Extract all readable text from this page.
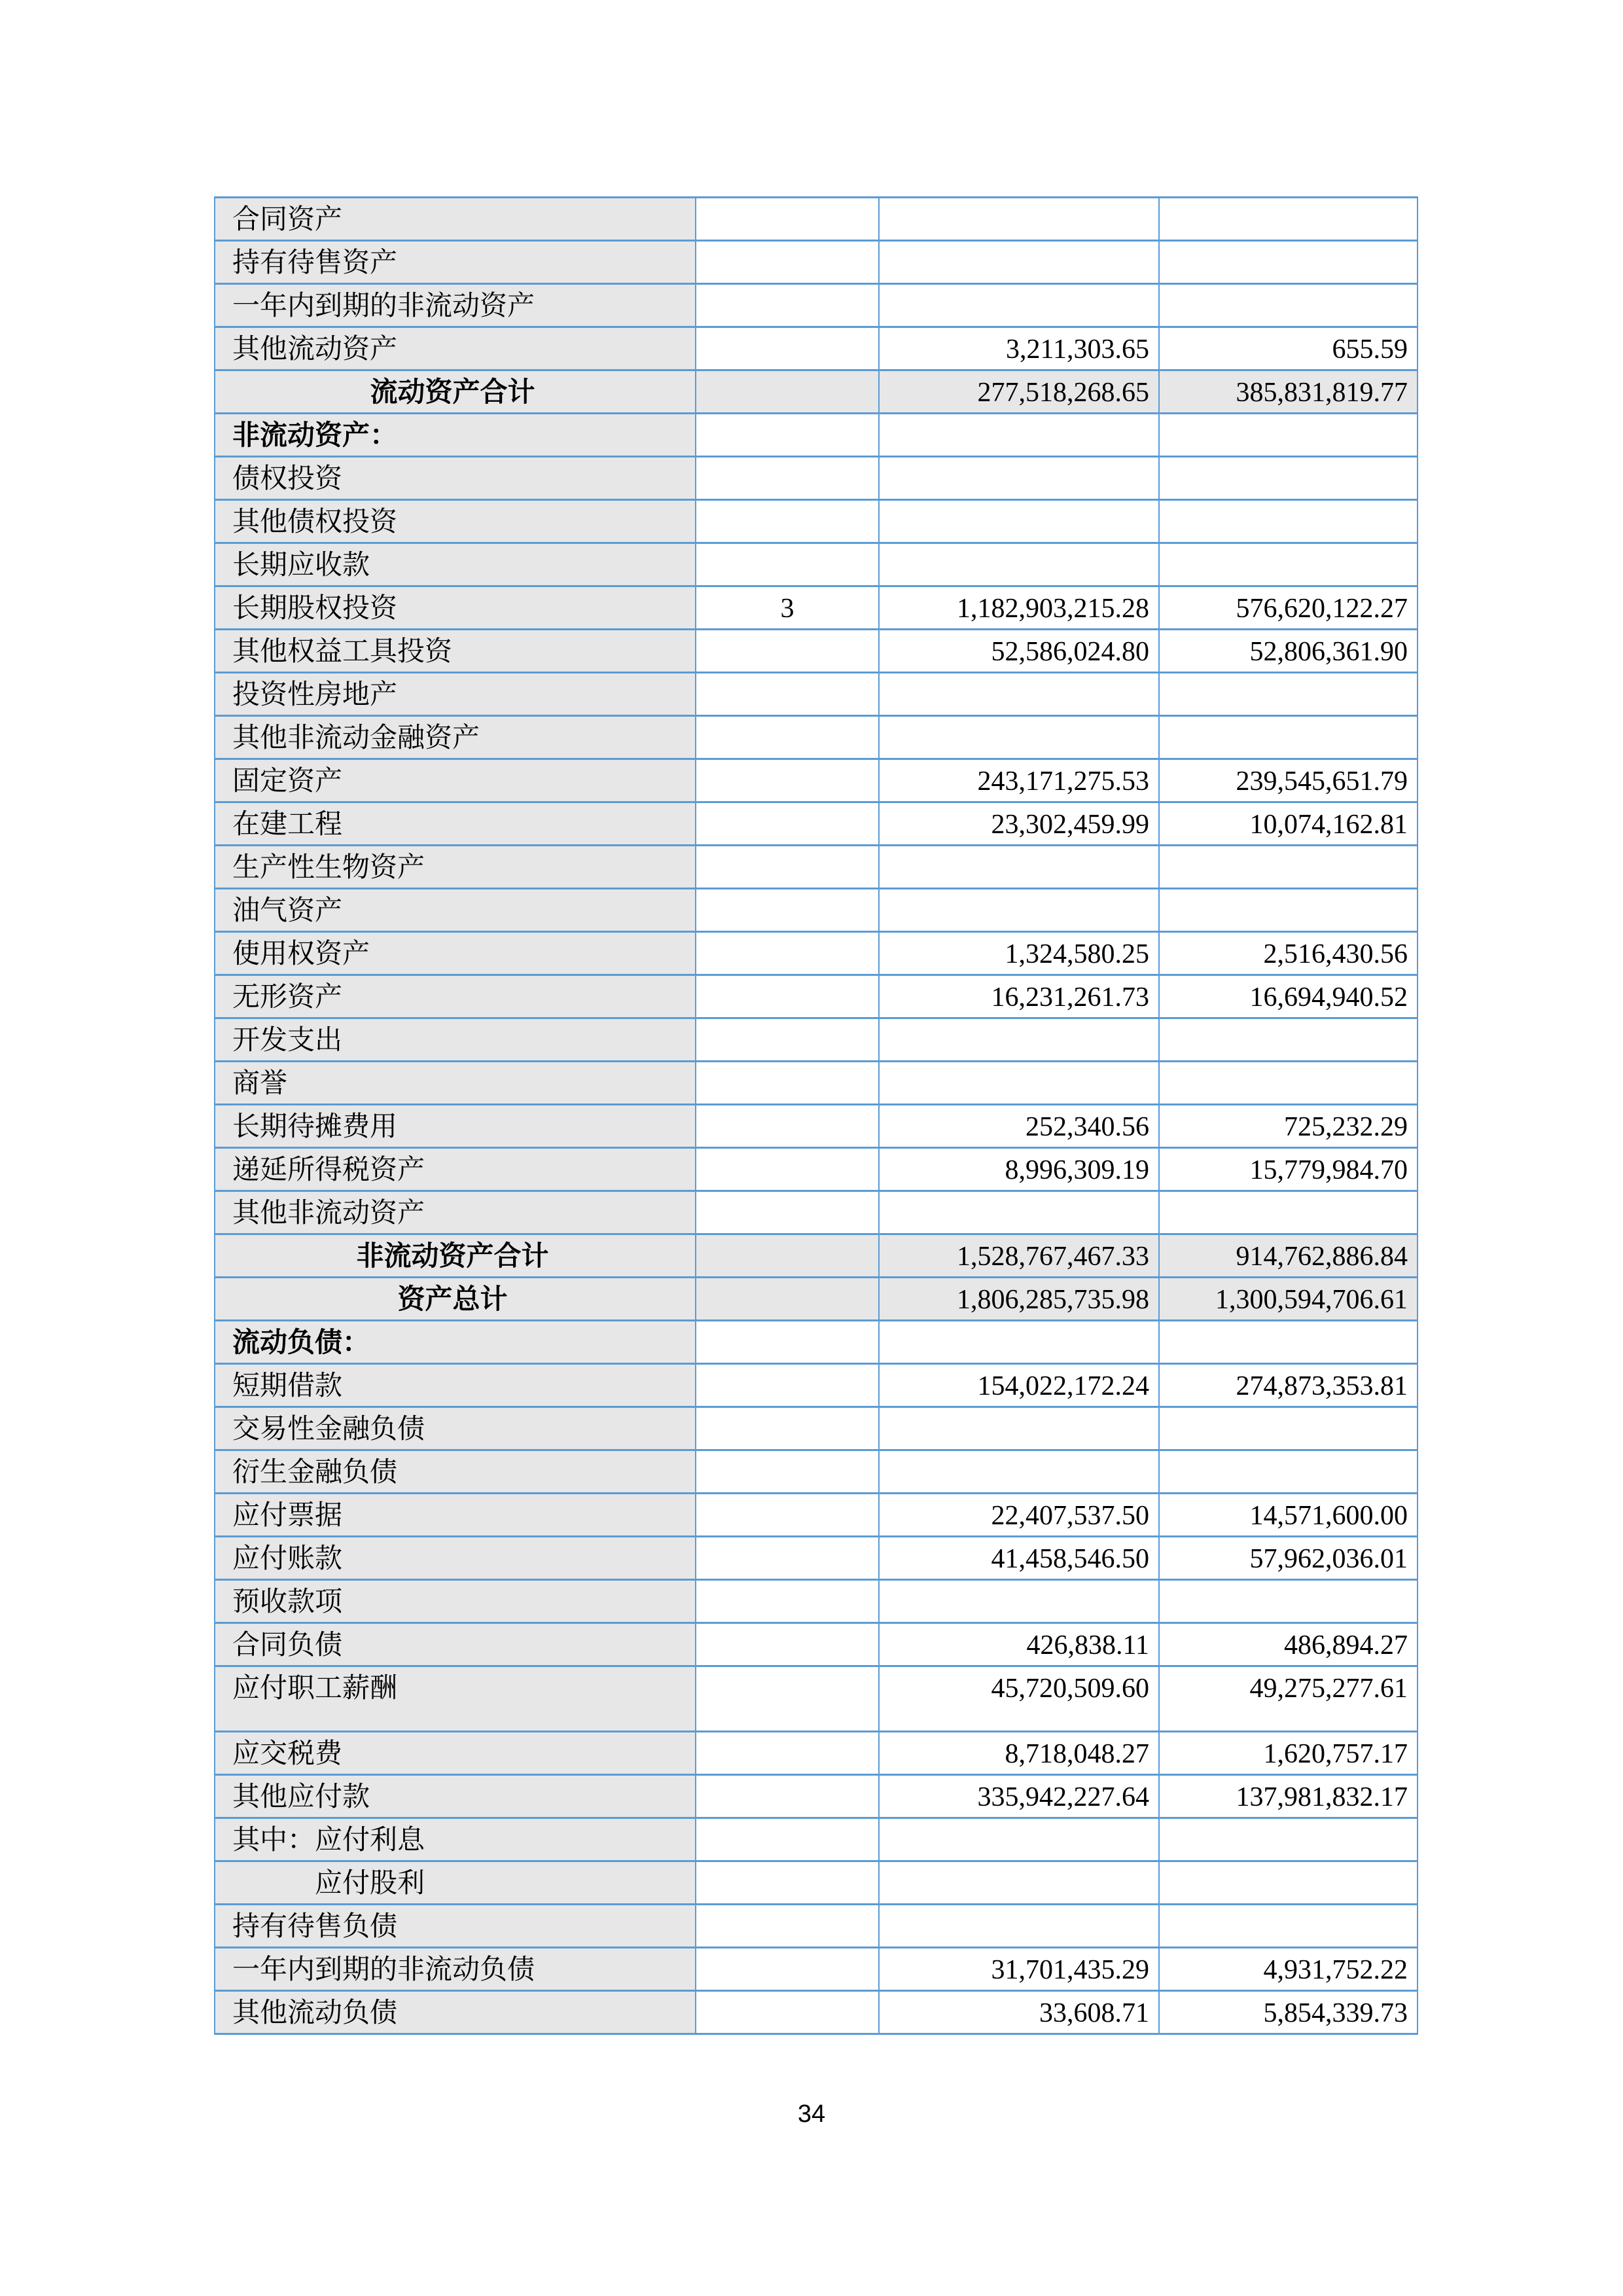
合同资产			
持有待售资产			
一年内到期的非流动资产			
其他流动资产		3,211,303.65	655.59
流动资产合计		277,518,268.65	385,831,819.77
非流动资产：			
债权投资			
其他债权投资			
长期应收款			
长期股权投资	3	1,182,903,215.28	576,620,122.27
其他权益工具投资		52,586,024.80	52,806,361.90
投资性房地产			
其他非流动金融资产			
固定资产		243,171,275.53	239,545,651.79
在建工程		23,302,459.99	10,074,162.81
生产性生物资产			
油气资产			
使用权资产		1,324,580.25	2,516,430.56
无形资产		16,231,261.73	16,694,940.52
开发支出			
商誉			
长期待摊费用		252,340.56	725,232.29
递延所得税资产		8,996,309.19	15,779,984.70
其他非流动资产			
非流动资产合计		1,528,767,467.33	914,762,886.84
资产总计		1,806,285,735.98	1,300,594,706.61
流动负债：			
短期借款		154,022,172.24	274,873,353.81
交易性金融负债			
衍生金融负债			
应付票据		22,407,537.50	14,571,600.00
应付账款		41,458,546.50	57,962,036.01
预收款项			
合同负债		426,838.11	486,894.27
应付职工薪酬		45,720,509.60	49,275,277.61
应交税费		8,718,048.27	1,620,757.17
其他应付款		335,942,227.64	137,981,832.17
其中：应付利息			
应付股利			
持有待售负债			
一年内到期的非流动负债		31,701,435.29	4,931,752.22
其他流动负债		33,608.71	5,854,339.73
34
